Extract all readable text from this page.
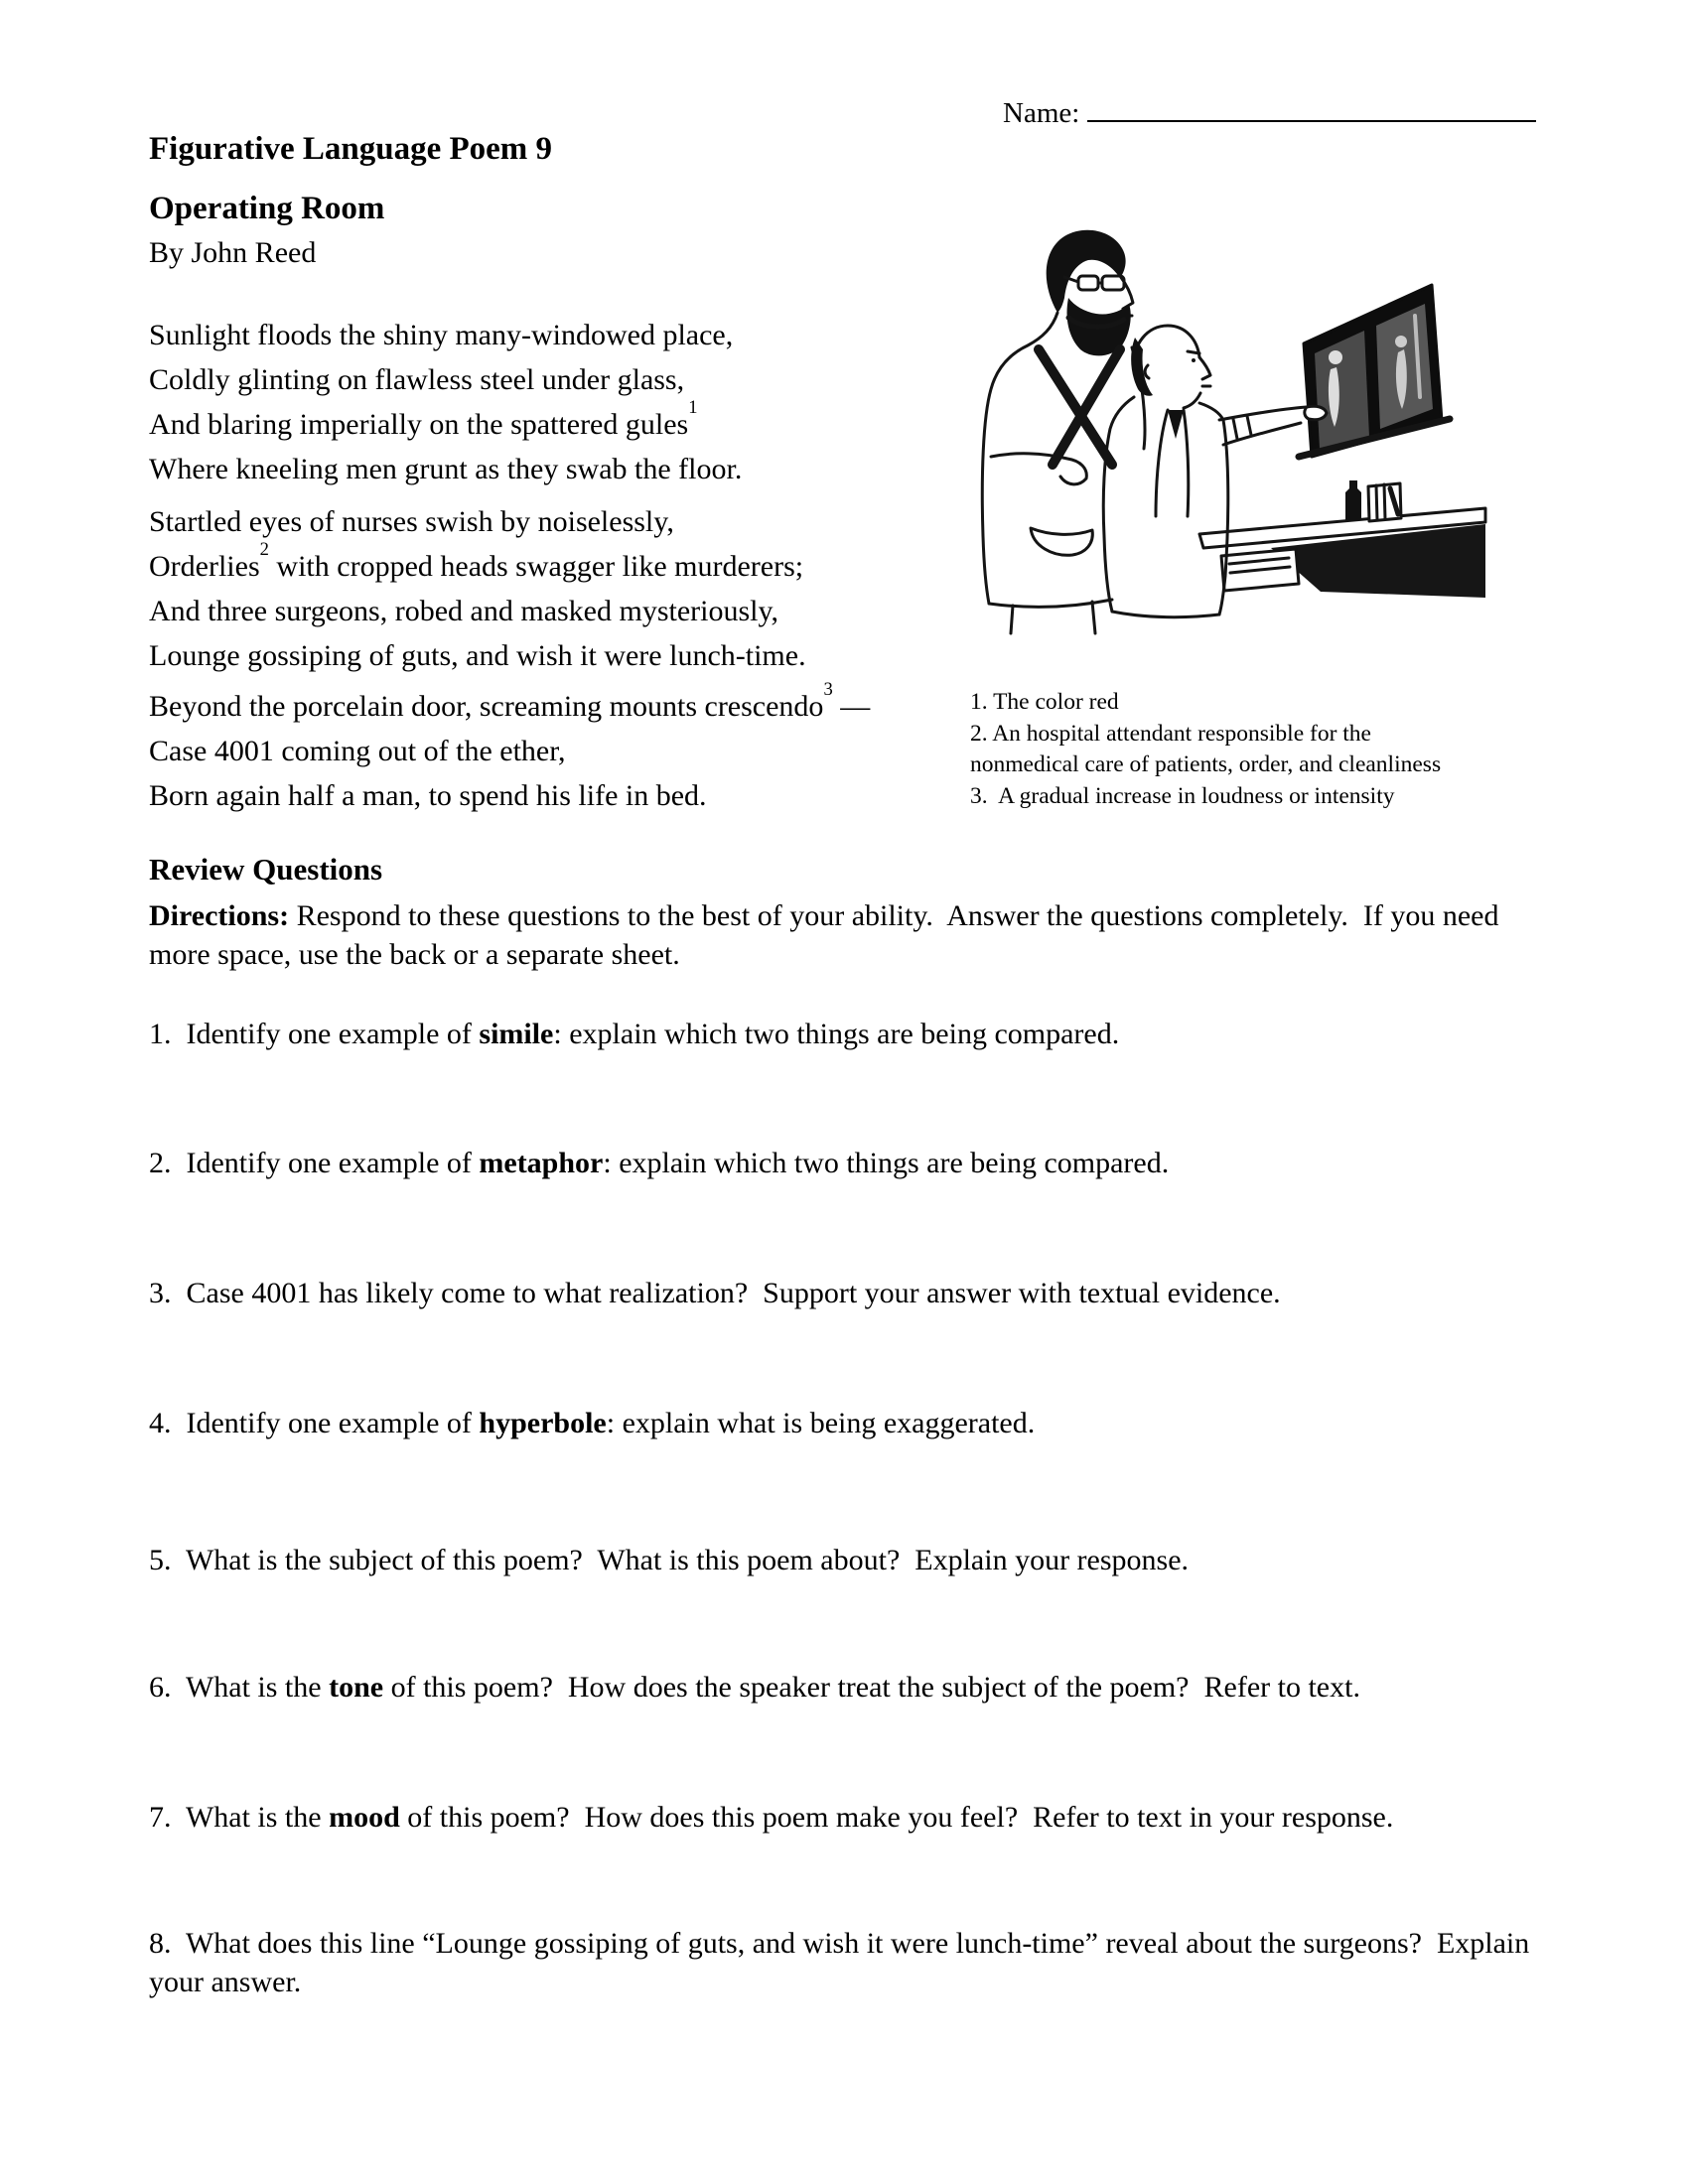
Name:
Figurative Language Poem 9
Operating Room
By John Reed
Sunlight floods the shiny many-windowed place,
Coldly glinting on flawless steel under glass,
And blaring imperially on the spattered gules$^1$
Where kneeling men grunt as they swab the floor.
Startled eyes of nurses swish by noiselessly,
Orderlies$^2$ with cropped heads swagger like murderers;
And three surgeons, robed and masked mysteriously,
Lounge gossiping of guts, and wish it were lunch-time.
Beyond the porcelain door, screaming mounts crescendo$^3$ —
Case 4001 coming out of the ether,
Born again half a man, to spend his life in bed.
1. The color red
2. An hospital attendant responsible for the nonmedical care of patients, order, and cleanliness
3.  A gradual increase in loudness or intensity
Review Questions
Directions: Respond to these questions to the best of your ability.  Answer the questions completely.  If you need more space, use the back or a separate sheet.
1.  Identify one example of simile: explain which two things are being compared.
2.  Identify one example of metaphor: explain which two things are being compared.
3.  Case 4001 has likely come to what realization?  Support your answer with textual evidence.
4.  Identify one example of hyperbole: explain what is being exaggerated.
5.  What is the subject of this poem?  What is this poem about?  Explain your response.
6.  What is the tone of this poem?  How does the speaker treat the subject of the poem?  Refer to text.
7.  What is the mood of this poem?  How does this poem make you feel?  Refer to text in your response.
8.  What does this line “Lounge gossiping of guts, and wish it were lunch-time” reveal about the surgeons?  Explain your answer.
